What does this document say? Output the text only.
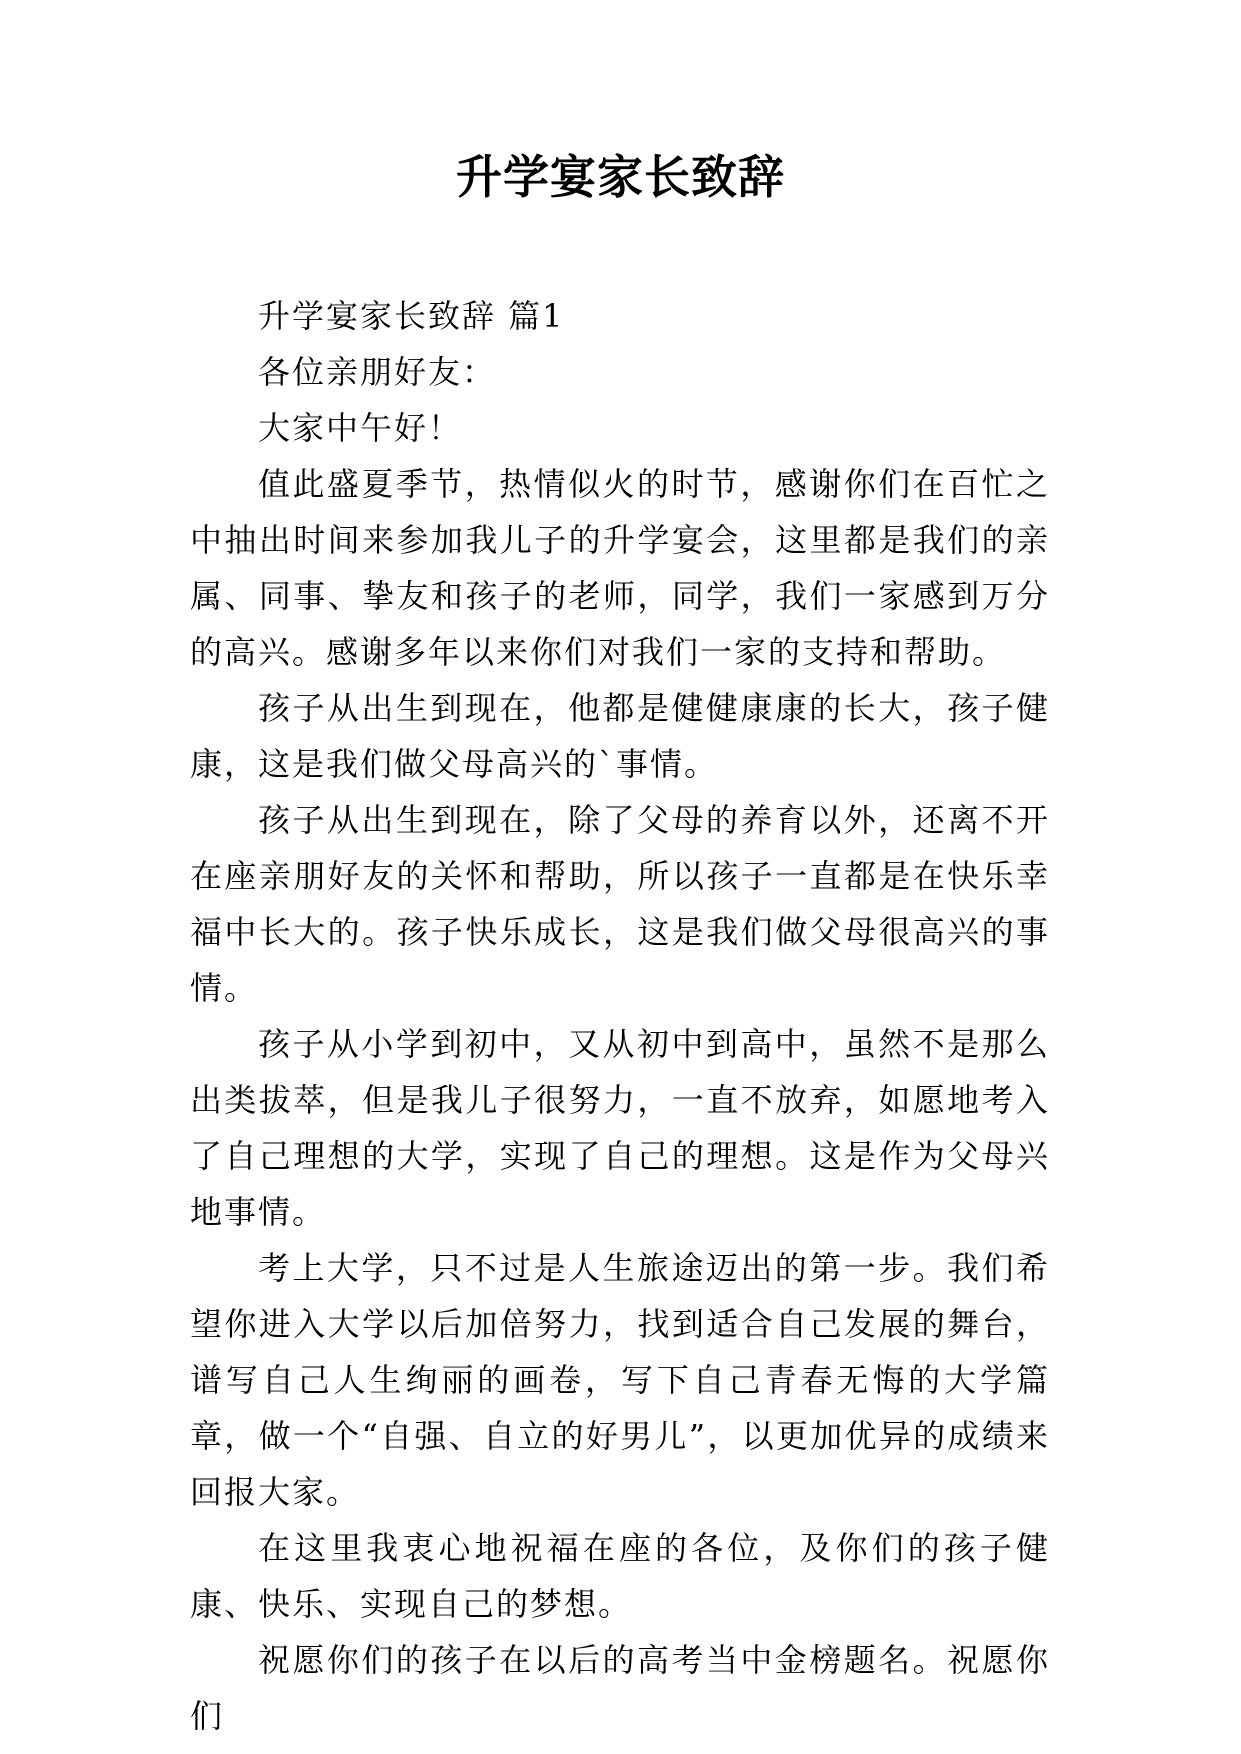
升学宴家长致辞

升学宴家长致辞 篇1

各位亲朋好友：

大家中午好！

值此盛夏季节，热情似火的时节，感谢你们在百忙之中抽出时间来参加我儿子的升学宴会，这里都是我们的亲属、同事、挚友和孩子的老师，同学，我们一家感到万分的高兴。感谢多年以来你们对我们一家的支持和帮助。

孩子从出生到现在，他都是健健康康的长大，孩子健康，这是我们做父母高兴的`事情。

孩子从出生到现在，除了父母的养育以外，还离不开在座亲朋好友的关怀和帮助，所以孩子一直都是在快乐幸福中长大的。孩子快乐成长，这是我们做父母很高兴的事情。

孩子从小学到初中，又从初中到高中，虽然不是那么出类拔萃，但是我儿子很努力，一直不放弃，如愿地考入了自己理想的大学，实现了自己的理想。这是作为父母兴地事情。

考上大学，只不过是人生旅途迈出的第一步。我们希望你进入大学以后加倍努力，找到适合自己发展的舞台，谱写自己人生绚丽的画卷，写下自己青春无悔的大学篇章，做一个“自强、自立的好男儿”，以更加优异的成绩来回报大家。

在这里我衷心地祝福在座的各位，及你们的孩子健康、快乐、实现自己的梦想。

祝愿你们的孩子在以后的高考当中金榜题名。祝愿你们
